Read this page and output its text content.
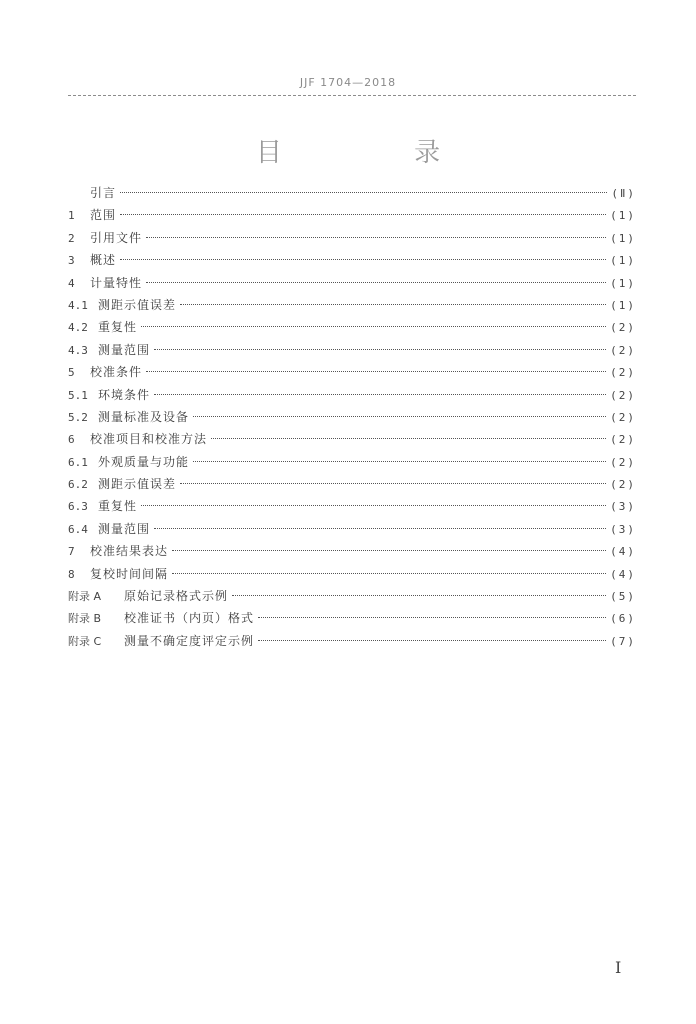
JJF 1704—2018
目 录
引言	(Ⅱ)
1	范围	(1)
2	引用文件	(1)
3	概述	(1)
4	计量特性	(1)
4.1 测距示值误差	(1)
4.2 重复性	(2)
4.3 测量范围	(2)
5	校准条件	(2)
5.1 环境条件	(2)
5.2 测量标准及设备	(2)
6	校准项目和校准方法	(2)
6.1 外观质量与功能	(2)
6.2 测距示值误差	(2)
6.3 重复性	(3)
6.4 测量范围	(3)
7	校准结果表达	(4)
8	复校时间间隔	(4)
附录 A	原始记录格式示例	(5)
附录 B	校准证书（内页）格式	(6)
附录 C	测量不确定度评定示例	(7)
Ⅰ
